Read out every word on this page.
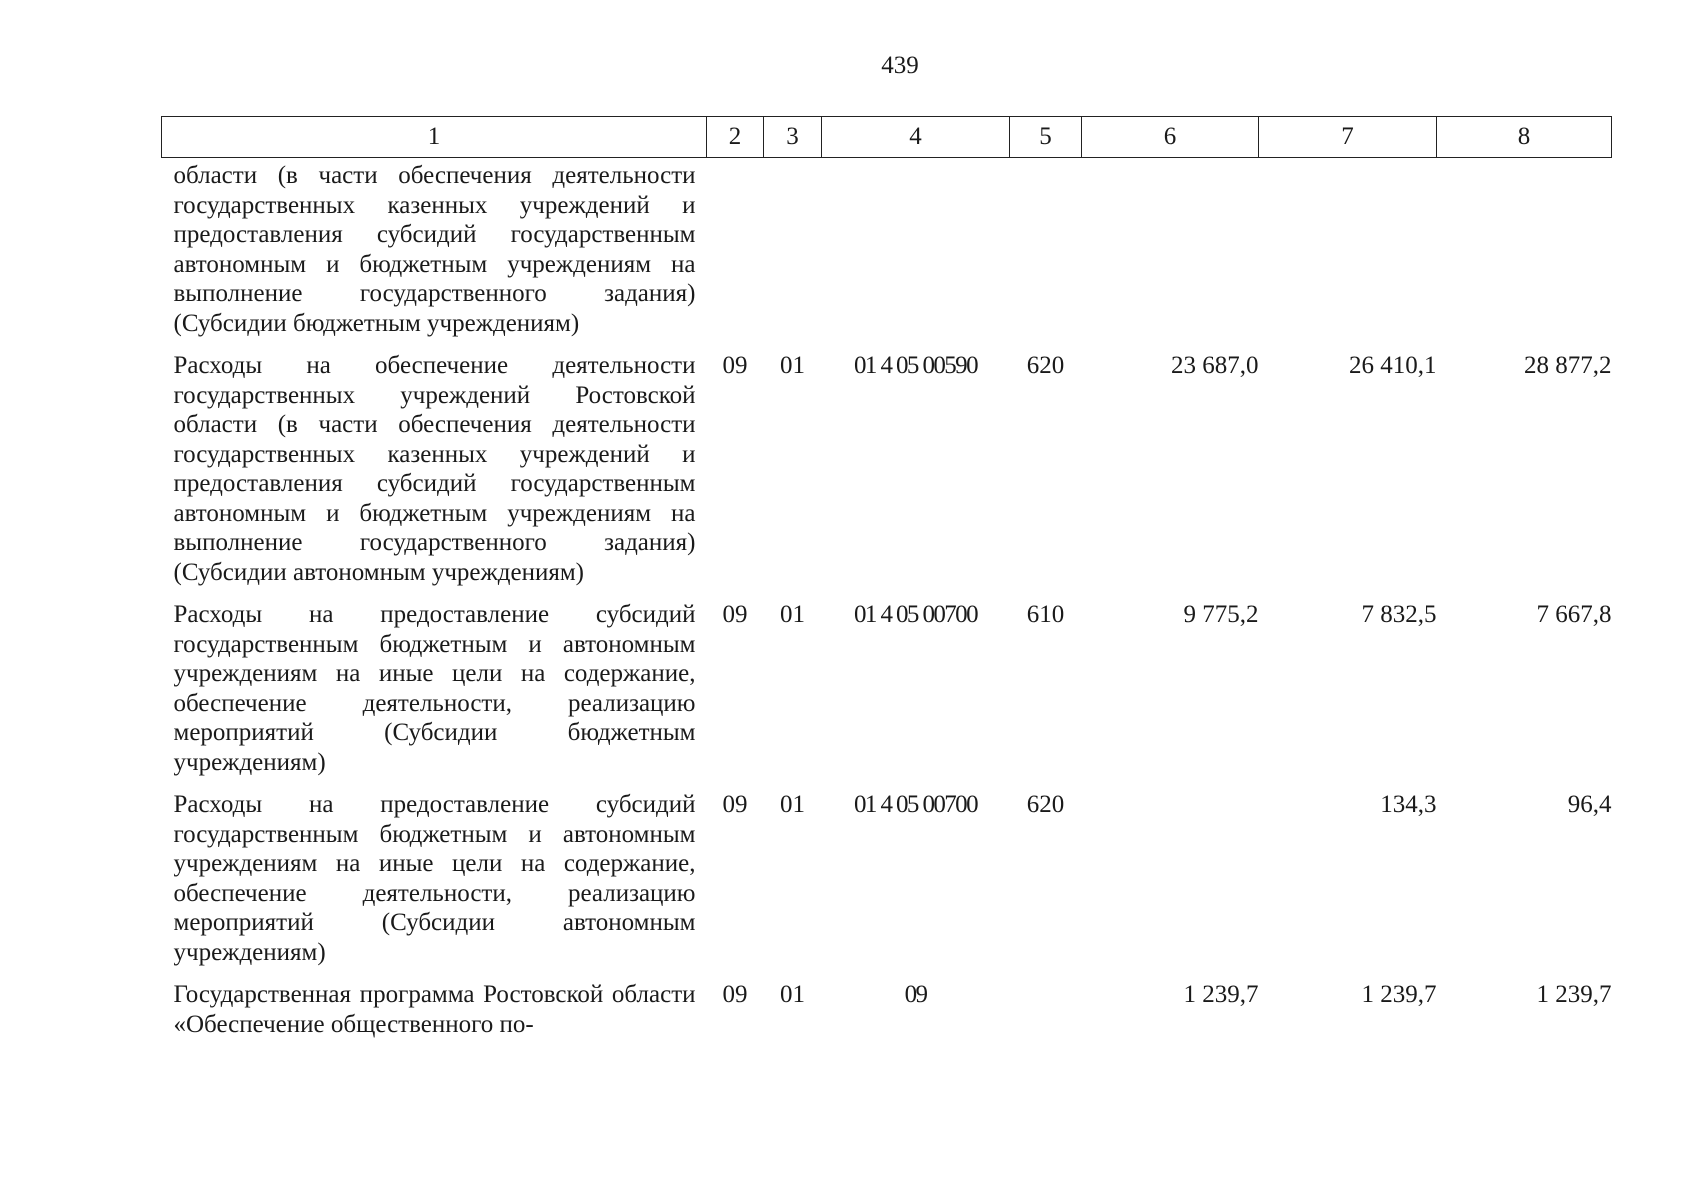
439
1	2	3	4	5	6	7	8
области (в части обеспечения деятельности государственных казенных учреждений и предоставления субсидий государственным автономным и бюджетным учреждениям на выполнение государственного задания) (Субсидии бюджетным учреждениям)							
Расходы на обеспечение деятельности государственных учреждений Ростовской области (в части обеспечения деятельности государственных казенных учреждений и предоставления субсидий государственным автономным и бюджетным учреждениям на выполнение государственного задания) (Субсидии автономным учреждениям)	09	01	01 4 05 00590	620	23 687,0	26 410,1	28 877,2
Расходы на предоставление субсидий государственным бюджетным и автономным учреждениям на иные цели на содержание, обеспечение деятельности, реализацию мероприятий (Субсидии бюджетным учреждениям)	09	01	01 4 05 00700	610	9 775,2	7 832,5	7 667,8
Расходы на предоставление субсидий государственным бюджетным и автономным учреждениям на иные цели на содержание, обеспечение деятельности, реализацию мероприятий (Субсидии автономным учреждениям)	09	01	01 4 05 00700	620		134,3	96,4
Государственная программа Ростовской области «Обеспечение общественного по-	09	01	09		1 239,7	1 239,7	1 239,7
